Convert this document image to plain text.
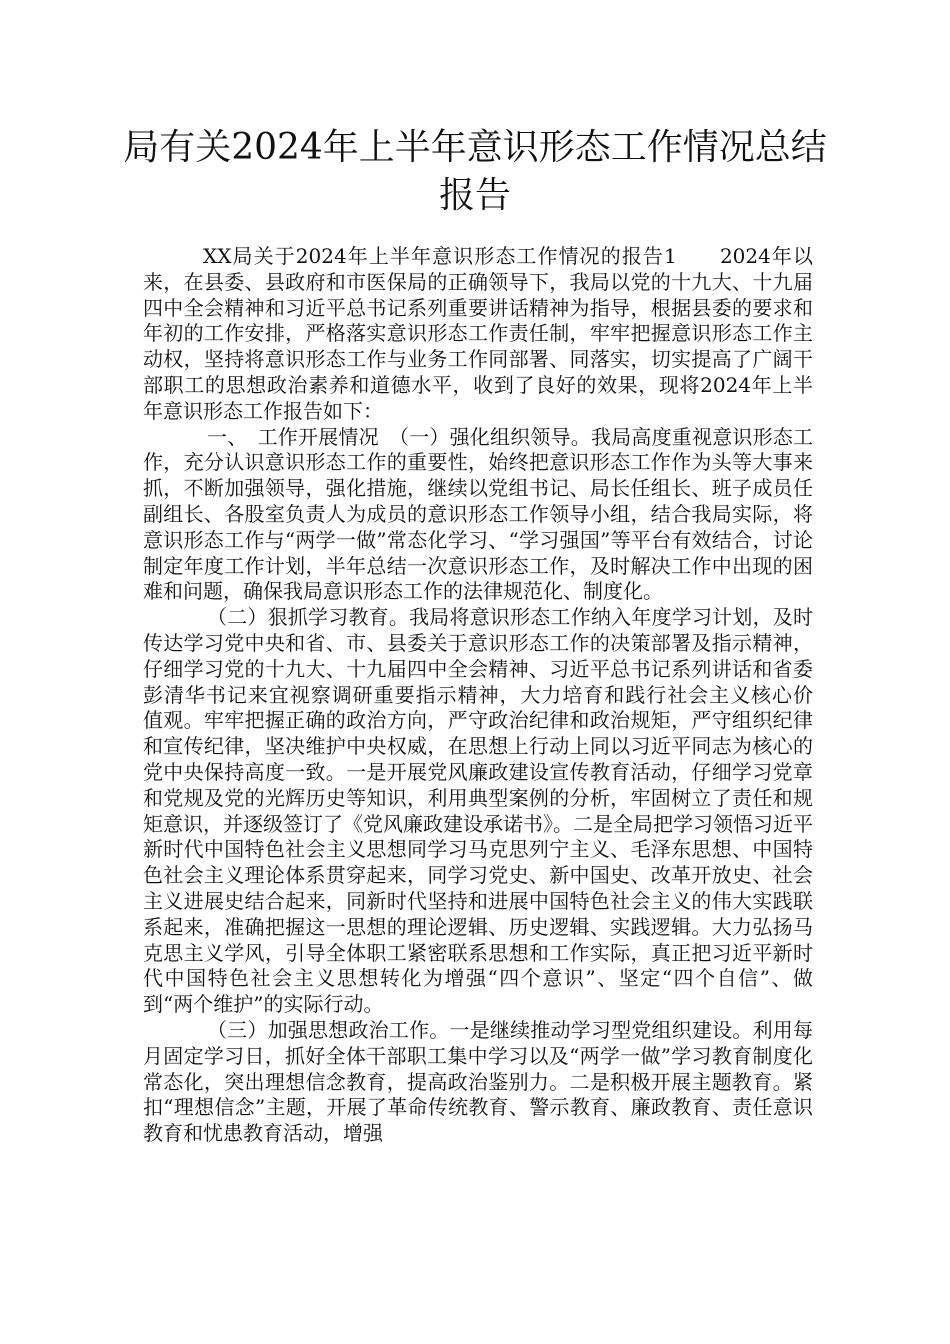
局有关2024年上半年意识形态工作情况总结报告

XX局关于2024年上半年意识形态工作情况的报告1　　2024年以来，在县委、县政府和市医保局的正确领导下，我局以党的十九大、十九届四中全会精神和习近平总书记系列重要讲话精神为指导，根据县委的要求和年初的工作安排，严格落实意识形态工作责任制，牢牢把握意识形态工作主动权，坚持将意识形态工作与业务工作同部署、同落实，切实提高了广阔干部职工的思想政治素养和道德水平，收到了良好的效果，现将2024年上半年意识形态工作报告如下：

一、　工作开展情况　（一）强化组织领导。我局高度重视意识形态工作，充分认识意识形态工作的重要性，始终把意识形态工作作为头等大事来抓，不断加强领导，强化措施，继续以党组书记、局长任组长、班子成员任副组长、各股室负责人为成员的意识形态工作领导小组，结合我局实际，将意识形态工作与“两学一做”常态化学习、“学习强国”等平台有效结合，讨论制定年度工作计划，半年总结一次意识形态工作，及时解决工作中出现的困难和问题，确保我局意识形态工作的法律规范化、制度化。

（二）狠抓学习教育。我局将意识形态工作纳入年度学习计划，及时传达学习党中央和省、市、县委关于意识形态工作的决策部署及指示精神，仔细学习党的十九大、十九届四中全会精神、习近平总书记系列讲话和省委彭清华书记来宜视察调研重要指示精神，大力培育和践行社会主义核心价　值观。牢牢把握正确的政治方向，严守政治纪律和政治规矩，严守组织纪律和宣传纪律，坚决维护中央权威，在思想上行动上同以习近平同志为核心的党中央保持高度一致。一是开展党风廉政建设宣传教育活动，仔细学习党章和党规及党的光辉历史等知识，利用典型案例的分析，牢固树立了责任和规矩意识，并逐级签订了《党风廉政建设承诺书》。二是全局把学习领悟习近平新时代中国特色社会主义思想同学习马克思列宁主义、毛泽东思想、中国特色社会主义理论体系贯穿起来，同学习党史、新中国史、改革开放史、社会主义进展史结合起来，同新时代坚持和进展中国特色社会主义的伟大实践联系起来，准确把握这一思想的理论逻辑、历史逻辑、实践逻辑。大力弘扬马克思主义学风，引导全体职工紧密联系思想和工作实际，真正把习近平新时代中国特色社会主义思想转化为增强“四个意识”、坚定“四个自信”、做到“两个维护”的实际行动。

（三）加强思想政治工作。一是继续推动学习型党组织建设。利用每月固定学习日，抓好全体干部职工集中学习以及“两学一做”学习教育制度化常态化，突出理想信念教育，提高政治鉴别力。二是积极开展主题教育。紧扣“理想信念”主题，开展了革命传统教育、警示教育、廉政教育、责任意识教育和忧患教育活动，增强
